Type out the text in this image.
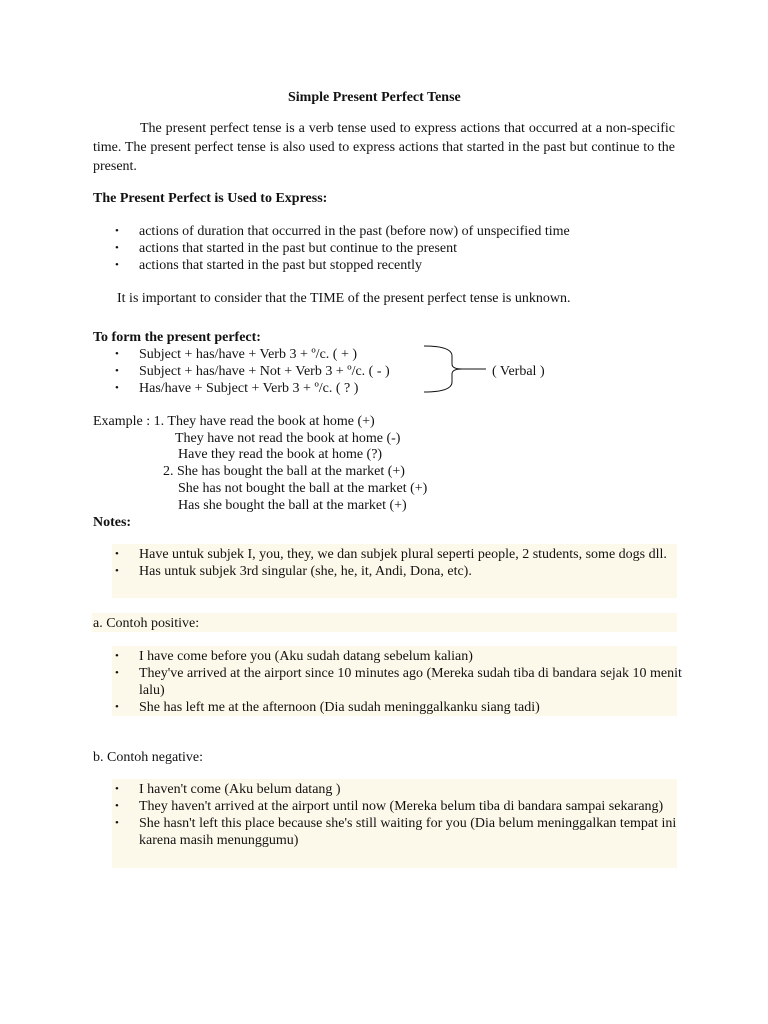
Simple Present Perfect Tense
The present perfect tense is a verb tense used to express actions that occurred at a non-specific time. The present perfect tense is also used to express actions that started in the past but continue to the present.
The Present Perfect is Used to Express:
• actions of duration that occurred in the past (before now) of unspecified time
• actions that started in the past but continue to the present
• actions that started in the past but stopped recently
It is important to consider that the TIME of the present perfect tense is unknown.
To form the present perfect:
• Subject + has/have + Verb 3 + º/c. ( + )
• Subject + has/have + Not + Verb 3 + º/c. ( - )
• Has/have + Subject + Verb 3 + º/c. ( ? )
( Verbal )
Example : 1. They have read the book at home (+)
They have not read the book at home (-)
Have they read the book at home (?)
2. She has bought the ball at the market (+)
She has not bought the ball at the market (+)
Has she bought the ball at the market (+)
Notes:
• Have untuk subjek I, you, they, we dan subjek plural seperti people, 2 students, some dogs dll.
• Has untuk subjek 3rd singular (she, he, it, Andi, Dona, etc).
a. Contoh positive:
• I have come before you (Aku sudah datang sebelum kalian)
• They've arrived at the airport since 10 minutes ago (Mereka sudah tiba di bandara sejak 10 menit lalu)
• She has left me at the afternoon (Dia sudah meninggalkanku siang tadi)
b. Contoh negative:
• I haven't come (Aku belum datang )
• They haven't arrived at the airport until now (Mereka belum tiba di bandara sampai sekarang)
• She hasn't left this place because she's still waiting for you (Dia belum meninggalkan tempat ini karena masih menunggumu)
